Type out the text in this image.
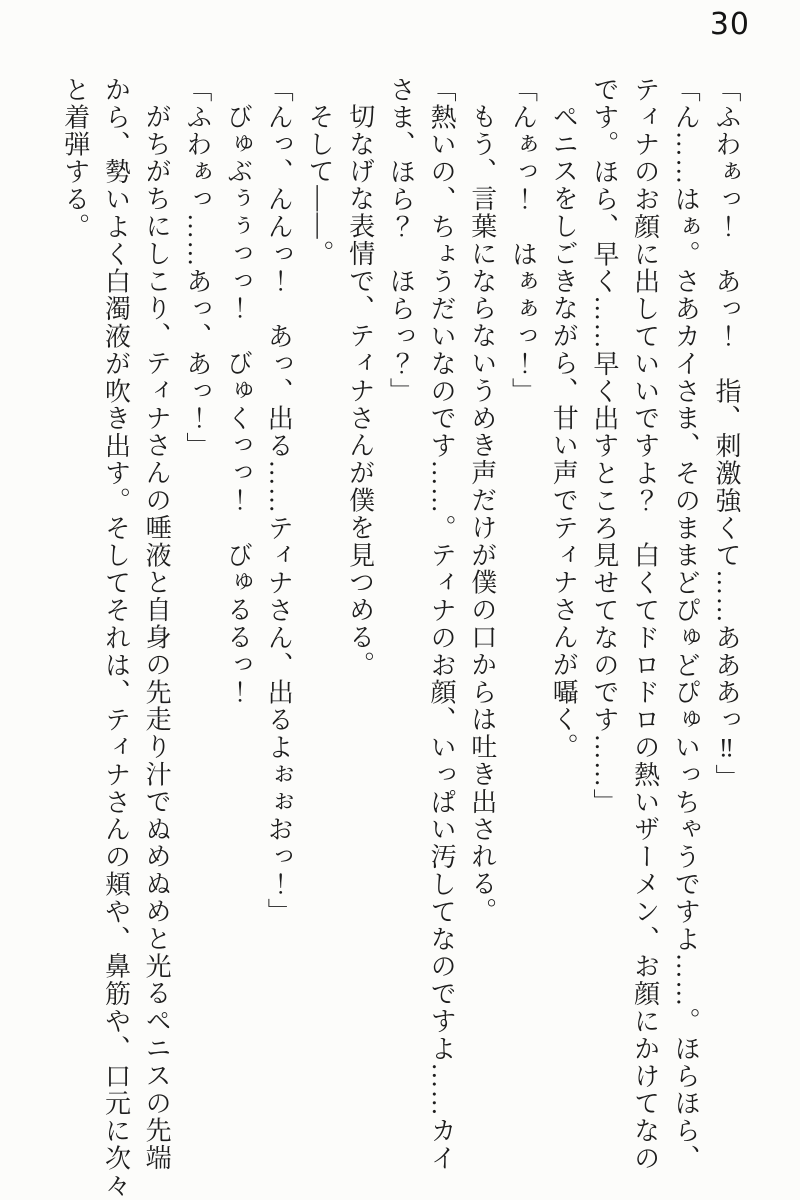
30

「ふわぁっ！　あっ！　指、刺激強くて……あああっ‼」

「ん……はぁ。さあカイさま、そのままどぴゅどぴゅいっちゃうですよ……。ほらほら、

ティナのお顔に出していいですよ？　白くてドロドロの熱いザーメン、お顔にかけてなの

です。ほら、早く……早く出すところ見せてなのです……」

ペニスをしごきながら、甘い声でティナさんが囁く。

「んぁっ！　はぁぁっ！」

もう、言葉にならないうめき声だけが僕の口からは吐き出される。

「熱いの、ちょうだいなのです……。ティナのお顔、いっぱい汚してなのですよ……カイ

さま、ほら？　ほらっ？」

切なげな表情で、ティナさんが僕を見つめる。

そして――。

「んっ、んんっ！　あっ、出る……ティナさん、出るよぉぉおっ！」

びゅぶぅぅっっ！　びゅくっっ！　びゅるるっ！

「ふわぁっ……あっ、あっ！」

がちがちにしこり、ティナさんの唾液と自身の先走り汁でぬめぬめと光るペニスの先端

から、勢いよく白濁液が吹き出す。そしてそれは、ティナさんの頬や、鼻筋や、口元に次々

と着弾する。
